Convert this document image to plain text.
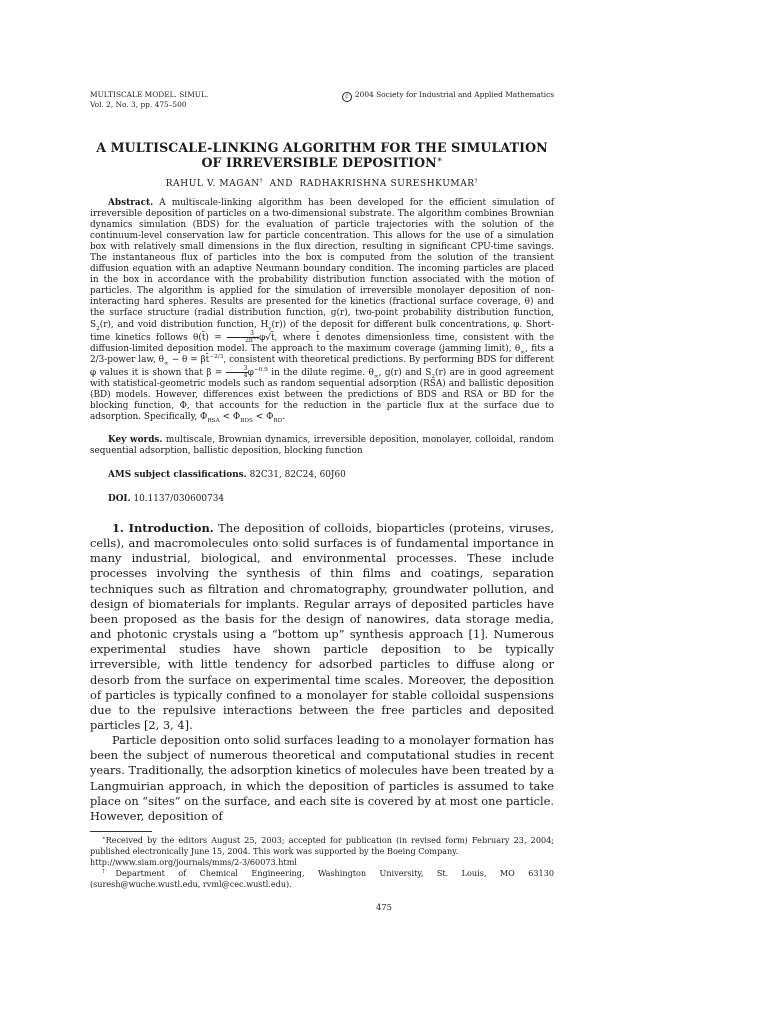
MULTISCALE MODEL. SIMUL.
Vol. 2, No. 3, pp. 475–500
c 2004 Society for Industrial and Applied Mathematics
A MULTISCALE-LINKING ALGORITHM FOR THE SIMULATION
OF IRREVERSIBLE DEPOSITION∗
RAHUL V. MAGAN† AND RADHAKRISHNA SURESHKUMAR†

Abstract. A multiscale-linking algorithm has been developed for the efficient simulation of irreversible deposition of particles on a two-dimensional substrate. The algorithm combines Brownian dynamics simulation (BDS) for the evaluation of particle trajectories with the solution of the continuum-level conservation law for particle concentration. This allows for the use of a simulation box with relatively small dimensions in the flux direction, resulting in significant CPU-time savings. The instantaneous flux of particles into the box is computed from the solution of the transient diffusion equation with an adaptive Neumann boundary condition. The incoming particles are placed in the box in accordance with the probability distribution function associated with the motion of particles. The algorithm is applied for the simulation of irreversible monolayer deposition of non-interacting hard spheres. Results are presented for the kinetics (fractional surface coverage, θ) and the surface structure (radial distribution function, g(r), two-point probability distribution function, $S_2(r)$, and void distribution function, $H_v(r)$) of the deposit for different bulk concentrations, φ. Short-time kinetics follows θ(t̄) = $\frac{3}{2\pi^{1/2}}$ φ√t̄, where t̄ denotes dimensionless time, consistent with the diffusion-limited deposition model. The approach to the maximum coverage (jamming limit), $\theta_\infty$, fits a 2/3-power law, $\theta_\infty - \theta$ = βt̄$^{-2/3}$, consistent with theoretical predictions. By performing BDS for different φ values it is shown that $\beta = \frac{3}{4} \varphi^{-0.9}$ in the dilute regime. $\theta_\infty$, g(r) and $S_2(r)$ are in good agreement with statistical-geometric models such as random sequential adsorption (RSA) and ballistic deposition (BD) models. However, differences exist between the predictions of BDS and RSA or BD for the blocking function, Φ, that accounts for the reduction in the particle flux at the surface due to adsorption. Specifically, $\Phi_{RSA} < \Phi_{BDS} < \Phi_{BD}$.

Key words. multiscale, Brownian dynamics, irreversible deposition, monolayer, colloidal, random sequential adsorption, ballistic deposition, blocking function

AMS subject classifications. 82C31, 82C24, 60J60

DOI. 10.1137/030600734

1. Introduction. The deposition of colloids, bioparticles (proteins, viruses, cells), and macromolecules onto solid surfaces is of fundamental importance in many industrial, biological, and environmental processes. These include processes involving the synthesis of thin films and coatings, separation techniques such as filtration and chromatography, groundwater pollution, and design of biomaterials for implants. Regular arrays of deposited particles have been proposed as the basis for the design of nanowires, data storage media, and photonic crystals using a “bottom up” synthesis approach [1]. Numerous experimental studies have shown particle deposition to be typically irreversible, with little tendency for adsorbed particles to diffuse along or desorb from the surface on experimental time scales. Moreover, the deposition of particles is typically confined to a monolayer for stable colloidal suspensions due to the repulsive interactions between the free particles and deposited particles [2, 3, 4].

Particle deposition onto solid surfaces leading to a monolayer formation has been the subject of numerous theoretical and computational studies in recent years. Traditionally, the adsorption kinetics of molecules have been treated by a Langmuirian approach, in which the deposition of particles is assumed to take place on “sites” on the surface, and each site is covered by at most one particle. However, deposition of

∗Received by the editors August 25, 2003; accepted for publication (in revised form) February 23, 2004; published electronically June 15, 2004. This work was supported by the Boeing Company.
http://www.siam.org/journals/mms/2-3/60073.html
†Department of Chemical Engineering, Washington University, St. Louis, MO 63130 (suresh@wuche.wustl.edu, rvml@cec.wustl.edu).
475
